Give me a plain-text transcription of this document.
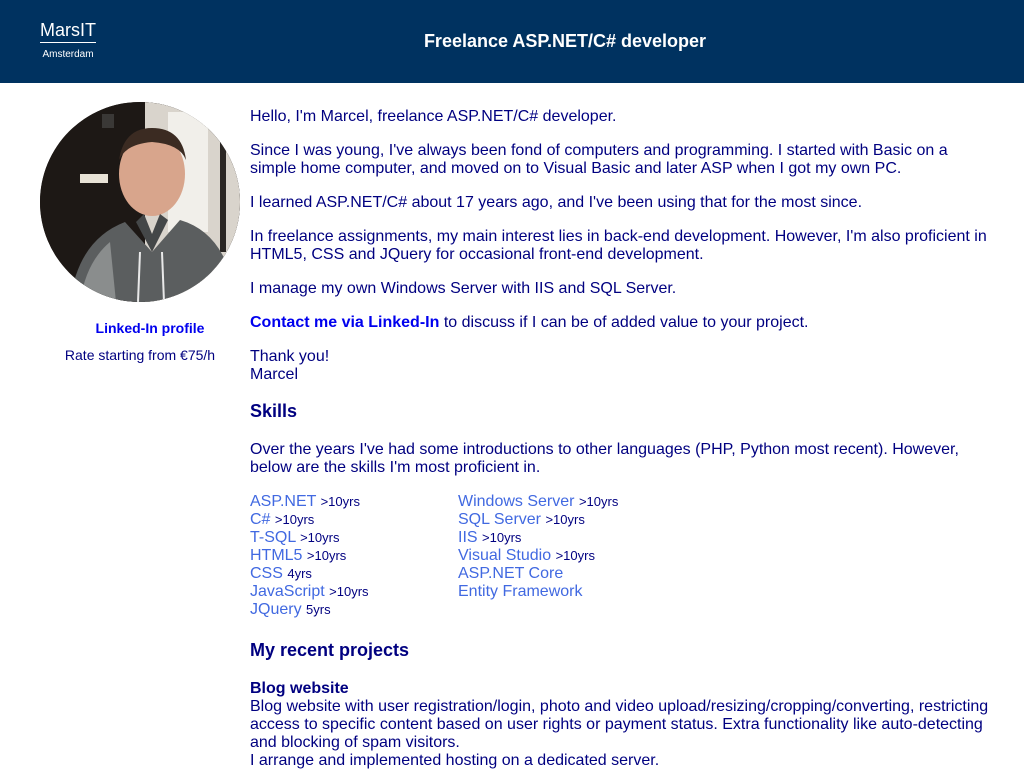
MarsIT
Amsterdam
Freelance ASP.NET/C# developer
Linked-In profile
Rate starting from €75/h

Hello, I'm Marcel, freelance ASP.NET/C# developer.

Since I was young, I've always been fond of computers and programming. I started with Basic on a simple home computer, and moved on to Visual Basic and later ASP when I got my own PC.

I learned ASP.NET/C# about 17 years ago, and I've been using that for the most since.

In freelance assignments, my main interest lies in back-end development. However, I'm also proficient in HTML5, CSS and JQuery for occasional front-end development.

I manage my own Windows Server with IIS and SQL Server.

Contact me via Linked-In to discuss if I can be of added value to your project.

Thank you!
Marcel

Skills

Over the years I've had some introductions to other languages (PHP, Python most recent). However, below are the skills I'm most proficient in.

ASP.NET >10yrs
C# >10yrs
T-SQL >10yrs
HTML5 >10yrs
CSS 4yrs
JavaScript >10yrs
JQuery 5yrs
Windows Server >10yrs
SQL Server >10yrs
IIS >10yrs
Visual Studio >10yrs
ASP.NET Core
Entity Framework
My recent projects
Blog website
Blog website with user registration/login, photo and video upload/resizing/cropping/converting, restricting access to specific content based on user rights or payment status. Extra functionality like auto-detecting and blocking of spam visitors.
I arrange and implemented hosting on a dedicated server.
